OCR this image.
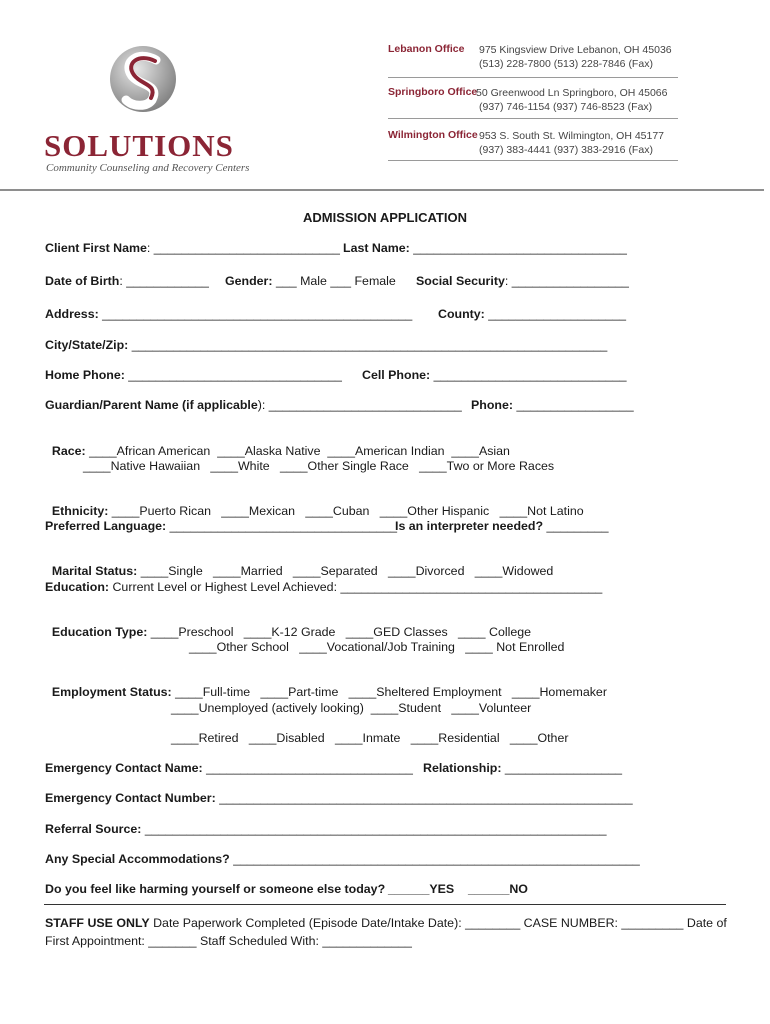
SOLUTIONS
Community Counseling and Recovery Centers
Lebanon Office 975 Kingsview Drive Lebanon, OH 45036
(513) 228-7800 (513) 228-7846 (Fax)
Springboro Office
50 Greenwood Ln Springboro, OH 45066
(937) 746-1154 (937) 746-8523 (Fax)
Wilmington Office 953 S. South St. Wilmington, OH 45177
(937) 383-4441 (937) 383-2916 (Fax)
ADMISSION APPLICATION
Client First Name: ___________________________ Last Name: _______________________________
Date of Birth: ____________ Gender: ___ Male ___ Female Social Security: _________________
Address: _____________________________________________ County: ____________________
City/State/Zip: _____________________________________________________________________
Home Phone: _______________________________ Cell Phone: ____________________________
Guardian/Parent Name (if applicable): ____________________________ Phone: _________________

Race: ____African American  ____Alaska Native  ____American Indian  ____Asian

____Native Hawaiian   ____White   ____Other Single Race   ____Two or More Races

Ethnicity: ____Puerto Rican   ____Mexican   ____Cuban   ____Other Hispanic   ____Not Latino

Preferred Language: _________________________________
Is an interpreter needed? _________

Marital Status: ____Single   ____Married   ____Separated   ____Divorced   ____Widowed

Education: Current Level or Highest Level Achieved: ______________________________________

Education Type: ____Preschool   ____K-12 Grade   ____GED Classes   ____ College

____Other School   ____Vocational/Job Training   ____ Not Enrolled

Employment Status: ____Full-time   ____Part-time   ____Sheltered Employment   ____Homemaker

____Unemployed (actively looking)  ____Student   ____Volunteer
____Retired   ____Disabled   ____Inmate   ____Residential   ____Other
Emergency Contact Name: ______________________________ Relationship: _________________
Emergency Contact Number: ____________________________________________________________
Referral Source: ___________________________________________________________________
Any Special Accommodations? ___________________________________________________________
Do you feel like harming yourself or someone else today? ______YES ______NO
STAFF USE ONLY Date Paperwork Completed (Episode Date/Intake Date): ________ CASE NUMBER: _________ Date of
First Appointment: _______ Staff Scheduled With: _____________
